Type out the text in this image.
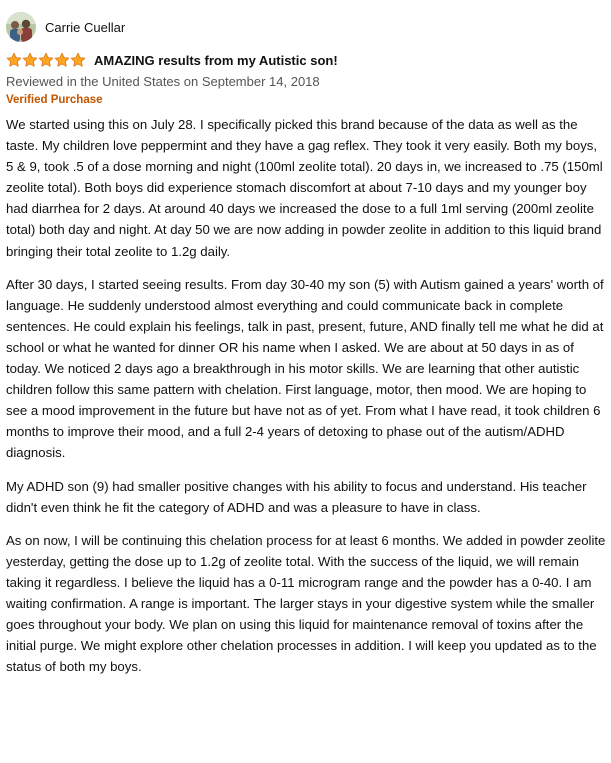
Carrie Cuellar
AMAZING results from my Autistic son!
Reviewed in the United States on September 14, 2018
Verified Purchase

We started using this on July 28. I specifically picked this brand because of the data as well as the taste. My children love peppermint and they have a gag reflex. They took it very easily. Both my boys, 5 & 9, took .5 of a dose morning and night (100ml zeolite total). 20 days in, we increased to .75 (150ml zeolite total). Both boys did experience stomach discomfort at about 7-10 days and my younger boy had diarrhea for 2 days. At around 40 days we increased the dose to a full 1ml serving (200ml zeolite total) both day and night. At day 50 we are now adding in powder zeolite in addition to this liquid brand bringing their total zeolite to 1.2g daily.

After 30 days, I started seeing results. From day 30-40 my son (5) with Autism gained a years' worth of language. He suddenly understood almost everything and could communicate back in complete sentences. He could explain his feelings, talk in past, present, future, AND finally tell me what he did at school or what he wanted for dinner OR his name when I asked. We are about at 50 days in as of today. We noticed 2 days ago a breakthrough in his motor skills. We are learning that other autistic children follow this same pattern with chelation. First language, motor, then mood. We are hoping to see a mood improvement in the future but have not as of yet. From what I have read, it took children 6 months to improve their mood, and a full 2-4 years of detoxing to phase out of the autism/ADHD diagnosis.

My ADHD son (9) had smaller positive changes with his ability to focus and understand. His teacher didn't even think he fit the category of ADHD and was a pleasure to have in class.

As on now, I will be continuing this chelation process for at least 6 months. We added in powder zeolite yesterday, getting the dose up to 1.2g of zeolite total. With the success of the liquid, we will remain taking it regardless. I believe the liquid has a 0-11 microgram range and the powder has a 0-40. I am waiting confirmation. A range is important. The larger stays in your digestive system while the smaller goes throughout your body. We plan on using this liquid for maintenance removal of toxins after the initial purge. We might explore other chelation processes in addition. I will keep you updated as to the status of both my boys.
